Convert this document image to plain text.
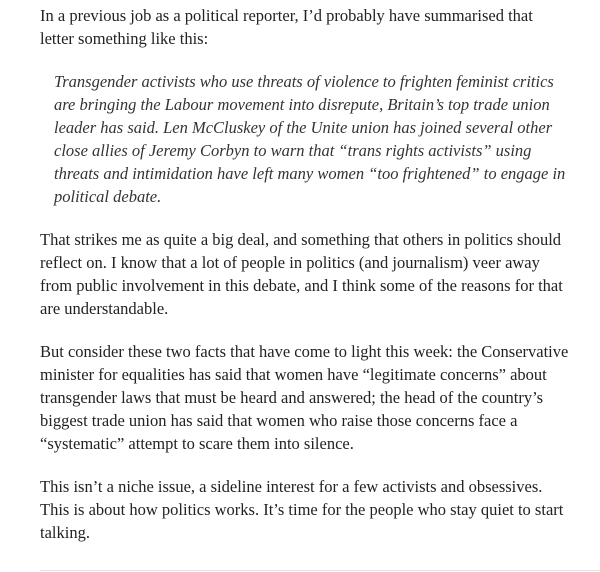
In a previous job as a political reporter, I’d probably have summarised that letter something like this:

Transgender activists who use threats of violence to frighten feminist critics are bringing the Labour movement into disrepute, Britain’s top trade union leader has said. Len McCluskey of the Unite union has joined several other close allies of Jeremy Corbyn to warn that “trans rights activists” using threats and intimidation have left many women “too frightened” to engage in political debate.

That strikes me as quite a big deal, and something that others in politics should reflect on. I know that a lot of people in politics (and journalism) veer away from public involvement in this debate, and I think some of the reasons for that are understandable.

But consider these two facts that have come to light this week: the Conservative minister for equalities has said that women have “legitimate concerns” about transgender laws that must be heard and answered; the head of the country’s biggest trade union has said that women who raise those concerns face a “systematic” attempt to scare them into silence.

This isn’t a niche issue, a sideline interest for a few activists and obsessives. This is about how politics works. It’s time for the people who stay quiet to start talking.
